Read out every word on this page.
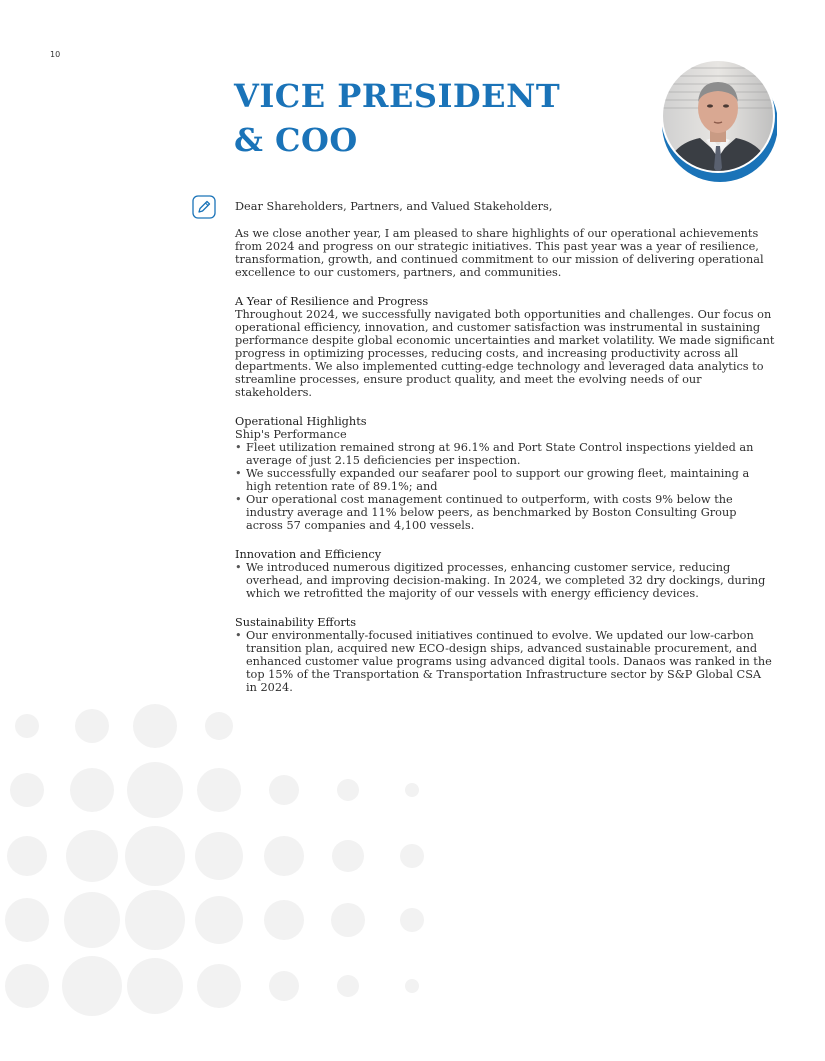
10
VICE PRESIDENT
& COO

Dear Shareholders, Partners, and Valued Stakeholders,

As we close another year, I am pleased to share highlights of our operational achievements from 2024 and progress on our strategic initiatives. This past year was a year of resilience, transformation, growth, and continued commitment to our mission of delivering operational excellence to our customers, partners, and communities.

A Year of Resilience and Progress

Throughout 2024, we successfully navigated both opportunities and challenges. Our focus on operational efficiency, innovation, and customer satisfaction was instrumental in sustaining performance despite global economic uncertainties and market volatility. We made significant progress in optimizing processes, reducing costs, and increasing productivity across all departments. We also implemented cutting-edge technology and leveraged data analytics to streamline processes, ensure product quality, and meet the evolving needs of our stakeholders.

Operational Highlights

Ship's Performance

• Fleet utilization remained strong at 96.1% and Port State Control inspections yielded an average of just 2.15 deficiencies per inspection.
• We successfully expanded our seafarer pool to support our growing fleet, maintaining a high retention rate of 89.1%; and
• Our operational cost management continued to outperform, with costs 9% below the industry average and 11% below peers, as benchmarked by Boston Consulting Group across 57 companies and 4,100 vessels.

Innovation and Efficiency

• We introduced numerous digitized processes, enhancing customer service, reducing overhead, and improving decision-making. In 2024, we completed 32 dry dockings, during which we retrofitted the majority of our vessels with energy efficiency devices.

Sustainability Efforts

• Our environmentally-focused initiatives continued to evolve. We updated our low-carbon transition plan, acquired new ECO-design ships, advanced sustainable procurement, and enhanced customer value programs using advanced digital tools. Danaos was ranked in the top 15% of the Transportation & Transportation Infrastructure sector by S&P Global CSA in 2024.
